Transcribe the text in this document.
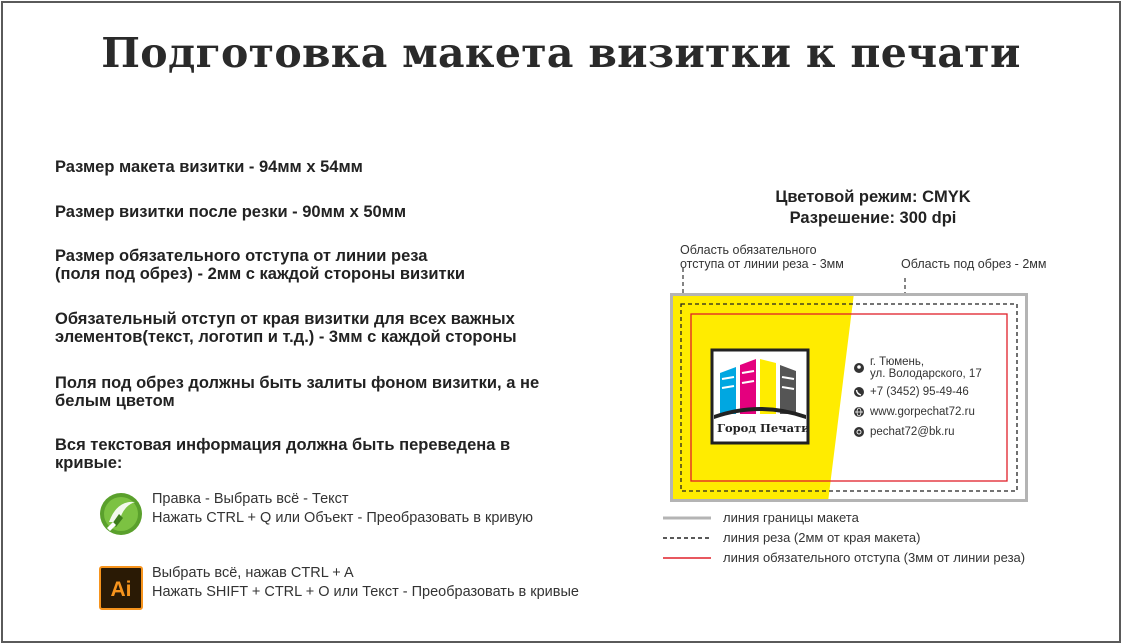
Подготовка макета визитки к печати
Размер макета визитки - 94мм х 54мм
Размер визитки после резки - 90мм х 50мм
Размер обязательного отступа от линии реза
(поля под обрез) - 2мм с каждой стороны визитки
Обязательный отступ от края визитки для всех важных
элементов(текст, логотип и т.д.) - 3мм с каждой стороны
Поля под обрез должны быть залиты фоном визитки, а не
белым цветом
Вся текстовая информация должна быть переведена в
кривые:
Правка - Выбрать всё - Текст
Нажать CTRL + Q или Объект - Преобразовать в кривую
Ai
Выбрать всё, нажав CTRL + A
Нажать SHIFT + CTRL + O или Текст - Преобразовать в кривые
Цветовой режим: CMYK
Разрешение: 300 dpi
Область обязательного
отступа от линии реза - 3мм	Область под обрез - 2мм
Город Печати
г. Тюмень,
ул. Володарского, 17
+7 (3452) 95-49-46
www.gorpechat72.ru
pechat72@bk.ru
линия границы макета
линия реза (2мм от края макета)
линия обязательного отступа (3мм от линии реза)
